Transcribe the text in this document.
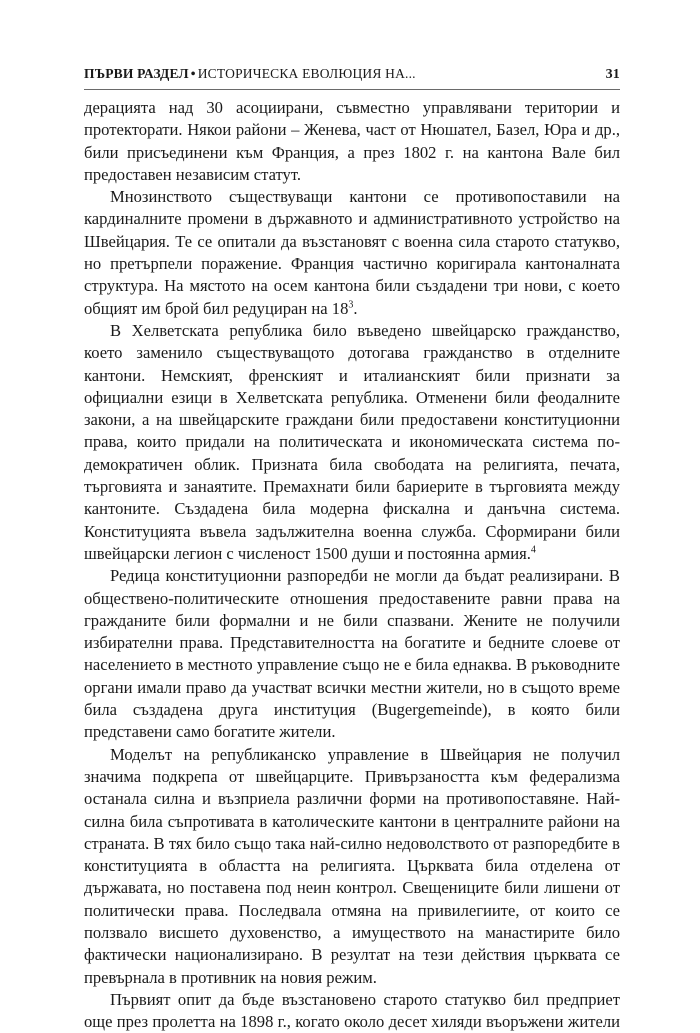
ПЪРВИ РАЗДЕЛ • ИСТОРИЧЕСКА ЕВОЛЮЦИЯ НА...	31

дерацията над 30 асоциирани, съвместно управлявани територии и протекторати. Някои райони – Женева, част от Нюшател, Базел, Юра и др., били присъединени към Франция, а през 1802 г. на кантона Вале бил предоставен независим статут.

Мнозинството съществуващи кантони се противопоставили на кардиналните промени в държавното и административното устройство на Швейцария. Те се опитали да възстановят с военна сила старото статукво, но претърпели поражение. Франция частично коригирала кантоналната структура. На мястото на осем кантона били създадени три нови, с което общият им брой бил редуциран на $18^3$.

В Хелветската република било въведено швейцарско гражданство, което заменило съществуващото дотогава гражданство в отделните кантони. Немският, френският и италианският били признати за официални езици в Хелветската република. Отменени били феодалните закони, а на швейцарските граждани били предоставени конституционни права, които придали на политическата и икономическата система по-демократичен облик. Призната била свободата на религията, печата, търговията и занаятите. Премахнати били бариерите в търговията между кантоните. Създадена била модерна фискална и данъчна система. Конституцията въвела задължителна военна служба. Сформирани били швейцарски легион с численост 1500 души и постоянна армия.$^4$

Редица конституционни разпоредби не могли да бъдат реализирани. В обществено-политическите отношения предоставените равни права на гражданите били формални и не били спазвани. Жените не получили избирателни права. Представителността на богатите и бедните слоеве от населението в местното управление също не е била еднаква. В ръководните органи имали право да участват всички местни жители, но в същото време била създадена друга институция (Bugergemeinde), в която били представени само богатите жители.

Моделът на републиканско управление в Швейцария не получил значима подкрепа от швейцарците. Привързаността към федерализма останала силна и възприела различни форми на противопоставяне. Най-силна била съпротивата в католическите кантони в централните райони на страната. В тях било също така най-силно недоволството от разпоредбите в конституцията в областта на религията. Църквата била отделена от държавата, но поставена под неин контрол. Свещениците били лишени от политически права. Последвала отмяна на привилегиите, от които се ползвало висшето духовенство, а имуществото на манастирите било фактически национализирано. В резултат на тези действия църквата се превърнала в противник на новия режим.

Първият опит да бъде възстановено старото статукво бил предприет още през пролетта на 1898 г., когато около десет хиляди въоръжени жители
